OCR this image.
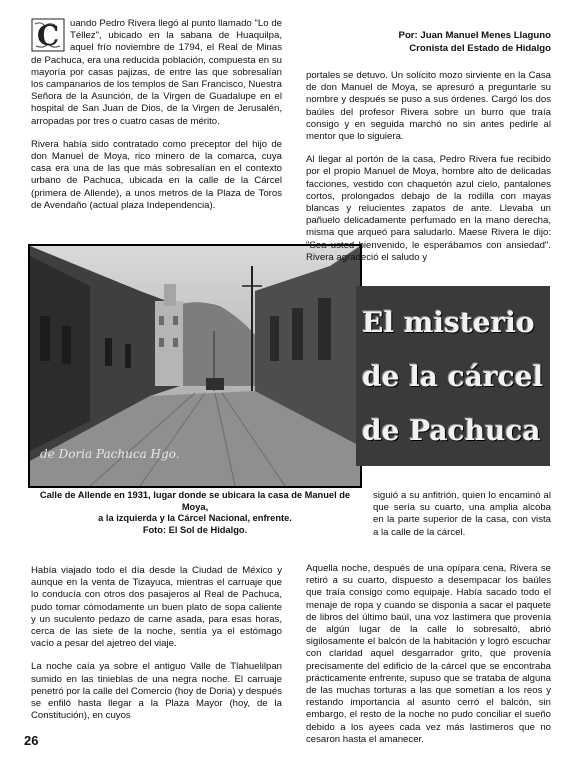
Por: Juan Manuel Menes Llaguno
Cronista del Estado de Hidalgo

C uando Pedro Rivera llegó al punto llamado "Lo de Téllez", ubicado en la sabana de Huaquilpa, aquel frío noviembre de 1794, el Real de Minas de Pachuca, era una reducida población, compuesta en su mayoría por casas pajizas, de entre las que sobresalían los campanarios de los templos de San Francisco, Nuestra Señora de la Asunción, de la Virgen de Guadalupe en el hospital de San Juan de Dios, de la Virgen de Jerusalén, arropadas por tres o cuatro casas de mérito.

Rivera había sido contratado como preceptor del hijo de don Manuel de Moya, rico minero de la comarca, cuya casa era una de las que más sobresalían en el contexto urbano de Pachuca, ubicada en la calle de la Cárcel (primera de Allende), a unos metros de la Plaza de Toros de Avendaño (actual plaza Independencia).

de Doria Pachuca Hgo.
Calle de Allende en 1931, lugar donde se ubicara la casa de Manuel de Moya,
a la izquierda y la Cárcel Nacional, enfrente.
Foto: El Sol de Hidalgo.
El misterio
de la cárcel
de Pachuca

Había viajado todo el día desde la Ciudad de México y aunque en la venta de Tizayuca, mientras el carruaje que lo conducía con otros dos pasajeros al Real de Pachuca, pudo tomar cómodamente un buen plato de sopa caliente y un suculento pedazo de carne asada, para esas horas, cerca de las siete de la noche, sentía ya el estómago vacío a pesar del ajetreo del viaje.

La noche caía ya sobre el antiguo Valle de Tlahuelilpan sumido en las tinieblas de una negra noche. El carruaje penetró por la calle del Comercio (hoy de Doria) y después se enfiló hasta llegar a la Plaza Mayor (hoy, de la Constitución), en cuyos

portales se detuvo. Un solícito mozo sirviente en la Casa de don Manuel de Moya, se apresuró a preguntarle su nombre y después se puso a sus órdenes. Cargó los dos baúles del profesor Rivera sobre un burro que traía consigo y en seguida marchó no sin antes pedirle al mentor que lo siguiera.

Al llegar al portón de la casa, Pedro Rivera fue recibido por el propio Manuel de Moya, hombre alto de delicadas facciones, vestido con chaquetón azul cielo, pantalones cortos, prolongados debajo de la rodilla con mayas blancas y relucientes zapatos de ante. Llevaba un pañuelo delicadamente perfumado en la mano derecha, misma que arqueó para saludarlo. Maese Rivera le dijo: "Sea usted bienvenido, le esperábamos con ansiedad". Rivera agradeció el saludo y

siguió a su anfitrión, quien lo encaminó al que sería su cuarto, una amplia alcoba en la parte superior de la casa, con vista a la calle de la cárcel.

Aquella noche, después de una opípara cena, Rivera se retiró a su cuarto, dispuesto a desempacar los baúles que traía consigo como equipaje. Había sacado todo el menaje de ropa y cuando se disponía a sacar el paquete de libros del último baúl, una voz lastimera que provenía de algún lugar de la calle lo sobresaltó, abrió sigilosamente el balcón de la habitación y logró escuchar con claridad aquel desgarrador grito, que provenía precisamente del edificio de la cárcel que se encontraba prácticamente enfrente, supuso que se trataba de alguna de las muchas torturas a las que sometían a los reos y restando importancia al asunto cerró el balcón, sin embargo, el resto de la noche no pudo conciliar el sueño debido a los ayees cada vez más lastimeros que no cesaron hasta el amanecer.

26
